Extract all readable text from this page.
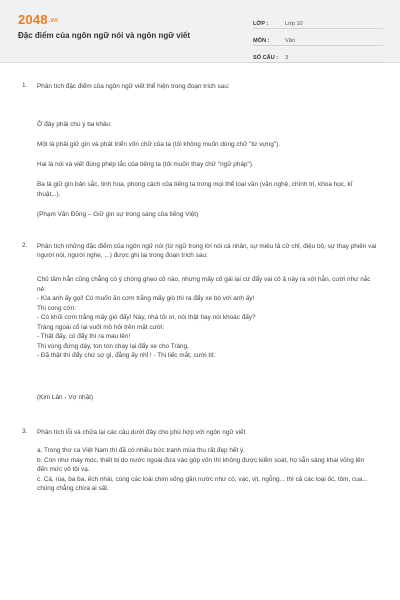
2048.vn
Đặc điểm của ngôn ngữ nói và ngôn ngữ viết
LỚP :	Lớp 10
MÔN :	Văn
SỐ CÂU :	3
1. Phân tích đặc điểm của ngôn ngữ viết thể hiện trong đoạn trích sau:
Ở đây phải chú ý ba khâu:
Một là phải giữ gìn và phát triển vốn chữ của ta (tôi không muốn dùng chữ "từ vựng").
Hai là nói và viết đúng phép tắc của tiếng ta (tôi muốn thay chữ "ngữ pháp").
Ba là giữ gìn bản sắc, tinh hoa, phong cách của tiếng ta trong mọi thể loại văn (văn nghệ, chính trị, khoa học, kĩ thuật,..).
(Phạm Văn Đồng – Giữ gìn sự trong sáng của tiếng Việt)
2. Phân tích những đặc điểm của ngôn ngữ nói (từ ngữ trong lời nói cá nhân, sự miêu tả cử chỉ, điệu bộ, sự thay phiên vai người nói, người nghe, ...) được ghi lại trong đoạn trích sau:
Chủ tâm hắn cũng chẳng có ý chòng ghẹo cô nào, nhưng mấy cô gái lại cứ đẩy vai cô ả này ra với hắn, cười như nắc nẻ:
- Kìa anh ấy gọi! Có muốn ăn cơm trắng mấy giò thì ra đẩy xe bò với anh ấy!
Thị cong cớn:
- Có khối cơm trắng mấy giò đấy! Này, nhà tôi ơi, nói thật hay nói khoác đấy?
Tràng ngoái cổ lại vuốt mồ hôi trên mặt cười:
- Thật đấy, có đẩy thì ra mau lên!
Thị vùng đứng dậy, ton ton chạy lại đẩy xe cho Tràng.
- Đã thật thì đẩy chứ sợ gì, đằng ấy nhỉ ! - Thị liếc mắt, cười tít.
(Kim Lân - Vợ nhặt)
3. Phân tích lỗi và chữa lại các câu dưới đây cho phù hợp với ngôn ngữ viết
a. Trong thơ ca Việt Nam thì đã có nhiều bức tranh mùa thu rất đẹp hết ý.
b. Còn như máy móc, thiết bị do nước ngoài đưa vào góp vốn thì không được kiểm soát, họ sẵn sàng khai vống lên đến mức vô tội vạ.
c. Cá, rùa, ba ba, ếch nhái, cùng các loài chim sống gần nước như cò, vạc, vịt, ngỗng... thì cả các loại ốc, tôm, cua... chúng chẳng chừa ai sất.
